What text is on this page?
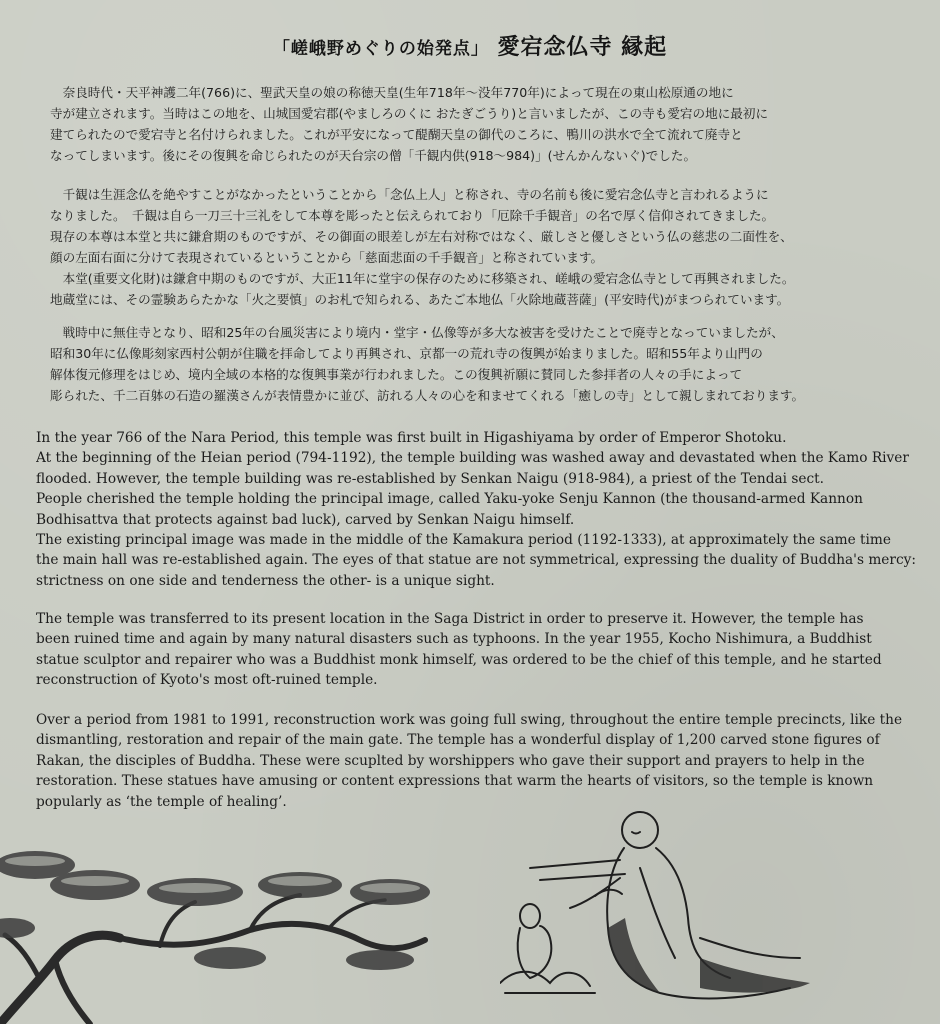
「嵯峨野めぐりの始発点」 愛宕念仏寺 縁起

　奈良時代・天平神護二年(766)に、聖武天皇の娘の称徳天皇(生年718年～没年770年)によって現在の東山松原通の地に

寺が建立されます。当時はこの地を、山城国愛宕郡(やましろのくに おたぎごうり)と言いましたが、この寺も愛宕の地に最初に

建てられたので愛宕寺と名付けられました。これが平安になって醍醐天皇の御代のころに、鴨川の洪水で全て流れて廃寺と

なってしまいます。後にその復興を命じられたのが天台宗の僧「千観内供(918～984)」(せんかんないぐ)でした。

　千観は生涯念仏を絶やすことがなかったということから「念仏上人」と称され、寺の名前も後に愛宕念仏寺と言われるように

なりました。　千観は自ら一刀三十三礼をして本尊を彫ったと伝えられており「厄除千手観音」の名で厚く信仰されてきました。

現存の本尊は本堂と共に鎌倉期のものですが、その御面の眼差しが左右対称ではなく、厳しさと優しさという仏の慈悲の二面性を、

顔の左面右面に分けて表現されているということから「慈面悲面の千手観音」と称されています。

　本堂(重要文化財)は鎌倉中期のものですが、大正11年に堂宇の保存のために移築され、嵯峨の愛宕念仏寺として再興されました。

地蔵堂には、その霊験あらたかな「火之要慎」のお札で知られる、あたご本地仏「火除地蔵菩薩」(平安時代)がまつられています。

　戦時中に無住寺となり、昭和25年の台風災害により境内・堂宇・仏像等が多大な被害を受けたことで廃寺となっていましたが、

昭和30年に仏像彫刻家西村公朝が住職を拝命してより再興され、京都一の荒れ寺の復興が始まりました。昭和55年より山門の

解体復元修理をはじめ、境内全域の本格的な復興事業が行われました。この復興祈願に賛同した参拝者の人々の手によって

彫られた、千二百躰の石造の羅漢さんが表情豊かに並び、訪れる人々の心を和ませてくれる「癒しの寺」として親しまれております。

In the year 766 of the Nara Period, this temple was first built in Higashiyama by order of Emperor Shotoku.

At the beginning of the Heian period (794-1192), the temple building was washed away and devastated when the Kamo River

flooded. However, the temple building was re-established by Senkan Naigu (918-984), a priest of the Tendai sect.

People cherished the temple holding the principal image, called Yaku-yoke Senju Kannon (the thousand-armed Kannon

Bodhisattva that protects against bad luck), carved by Senkan Naigu himself.

The existing principal image was made in the middle of the Kamakura period (1192-1333), at approximately the same time

the main hall was re-established again. The eyes of that statue are not symmetrical, expressing the duality of Buddha's mercy:

strictness on one side and tenderness the other- is a unique sight.

The temple was transferred to its present location in the Saga District in order to preserve it. However, the temple has

been ruined time and again by many natural disasters such as typhoons. In the year 1955, Kocho Nishimura, a Buddhist

statue sculptor and repairer who was a Buddhist monk himself, was ordered to be the chief of this temple, and he started

reconstruction of Kyoto's most oft-ruined temple.

Over a period from 1981 to 1991, reconstruction work was going full swing, throughout the entire temple precincts, like the

dismantling, restoration and repair of the main gate. The temple has a wonderful display of 1,200 carved stone figures of

Rakan, the disciples of Buddha. These were scuplted by worshippers who gave their support and prayers to help in the

restoration. These statues have amusing or content expressions that warm the hearts of visitors, so the temple is known

popularly as ‘the temple of healing’.
